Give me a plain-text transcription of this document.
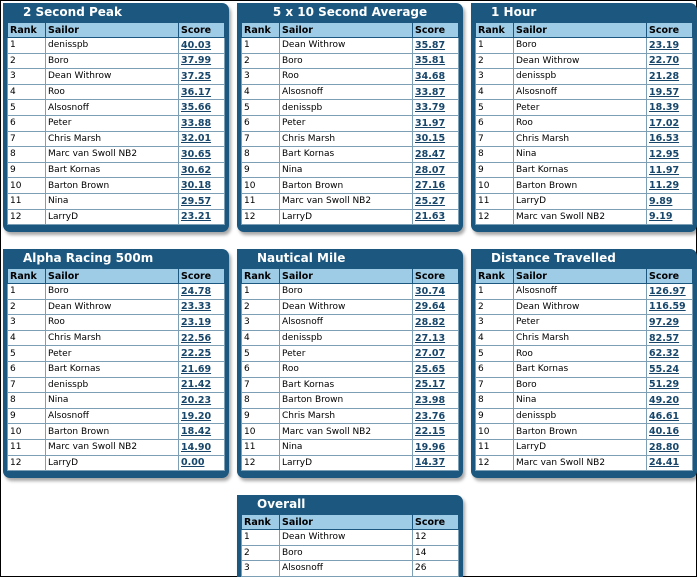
2 Second Peak
Rank	Sailor	Score
1	denisspb	40.03
2	Boro	37.99
3	Dean Withrow	37.25
4	Roo	36.17
5	Alsosnoff	35.66
6	Peter	33.88
7	Chris Marsh	32.01
8	Marc van Swoll NB2	30.65
9	Bart Kornas	30.62
10	Barton Brown	30.18
11	Nina	29.57
12	LarryD	23.21
5 x 10 Second Average
Rank	Sailor	Score
1	Dean Withrow	35.87
2	Boro	35.81
3	Roo	34.68
4	Alsosnoff	33.87
5	denisspb	33.79
6	Peter	31.97
7	Chris Marsh	30.15
8	Bart Kornas	28.47
9	Nina	28.07
10	Barton Brown	27.16
11	Marc van Swoll NB2	25.27
12	LarryD	21.63
1 Hour
Rank	Sailor	Score
1	Boro	23.19
2	Dean Withrow	22.70
3	denisspb	21.28
4	Alsosnoff	19.57
5	Peter	18.39
6	Roo	17.02
7	Chris Marsh	16.53
8	Nina	12.95
9	Bart Kornas	11.97
10	Barton Brown	11.29
11	LarryD	9.89
12	Marc van Swoll NB2	9.19
Alpha Racing 500m
Rank	Sailor	Score
1	Boro	24.78
2	Dean Withrow	23.33
3	Roo	23.19
4	Chris Marsh	22.56
5	Peter	22.25
6	Bart Kornas	21.69
7	denisspb	21.42
8	Nina	20.23
9	Alsosnoff	19.20
10	Barton Brown	18.42
11	Marc van Swoll NB2	14.90
12	LarryD	0.00
Nautical Mile
Rank	Sailor	Score
1	Boro	30.74
2	Dean Withrow	29.64
3	Alsosnoff	28.82
4	denisspb	27.13
5	Peter	27.07
6	Roo	25.65
7	Bart Kornas	25.17
8	Barton Brown	23.98
9	Chris Marsh	23.76
10	Marc van Swoll NB2	22.15
11	Nina	19.96
12	LarryD	14.37
Distance Travelled
Rank	Sailor	Score
1	Alsosnoff	126.97
2	Dean Withrow	116.59
3	Peter	97.29
4	Chris Marsh	82.57
5	Roo	62.32
6	Bart Kornas	55.24
7	Boro	51.29
8	Nina	49.20
9	denisspb	46.61
10	Barton Brown	40.16
11	LarryD	28.80
12	Marc van Swoll NB2	24.41
Overall
Rank	Sailor	Score
1	Dean Withrow	12
2	Boro	14
3	Alsosnoff	26
